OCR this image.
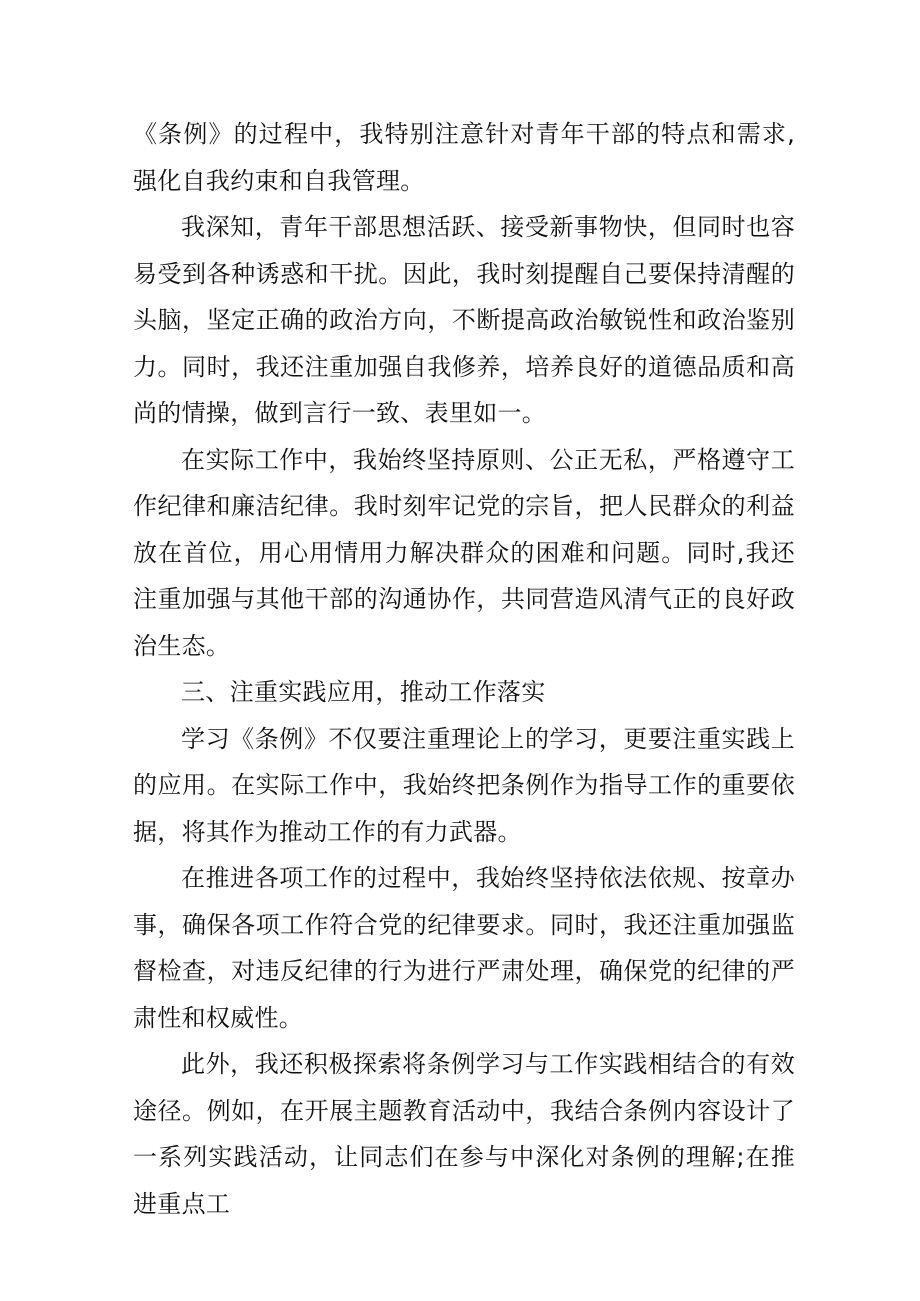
《条例》的过程中，我特别注意针对青年干部的特点和需求,强化自我约束和自我管理。

我深知，青年干部思想活跃、接受新事物快，但同时也容易受到各种诱惑和干扰。因此，我时刻提醒自己要保持清醒的头脑，坚定正确的政治方向，不断提高政治敏锐性和政治鉴别力。同时，我还注重加强自我修养，培养良好的道德品质和高尚的情操，做到言行一致、表里如一。

在实际工作中，我始终坚持原则、公正无私，严格遵守工作纪律和廉洁纪律。我时刻牢记党的宗旨，把人民群众的利益放在首位，用心用情用力解决群众的困难和问题。同时,我还注重加强与其他干部的沟通协作，共同营造风清气正的良好政治生态。

三、注重实践应用，推动工作落实

学习《条例》不仅要注重理论上的学习，更要注重实践上的应用。在实际工作中，我始终把条例作为指导工作的重要依据，将其作为推动工作的有力武器。

在推进各项工作的过程中，我始终坚持依法依规、按章办事，确保各项工作符合党的纪律要求。同时，我还注重加强监督检查，对违反纪律的行为进行严肃处理，确保党的纪律的严肃性和权威性。

此外，我还积极探索将条例学习与工作实践相结合的有效途径。例如，在开展主题教育活动中，我结合条例内容设计了一系列实践活动，让同志们在参与中深化对条例的理解;在推进重点工
